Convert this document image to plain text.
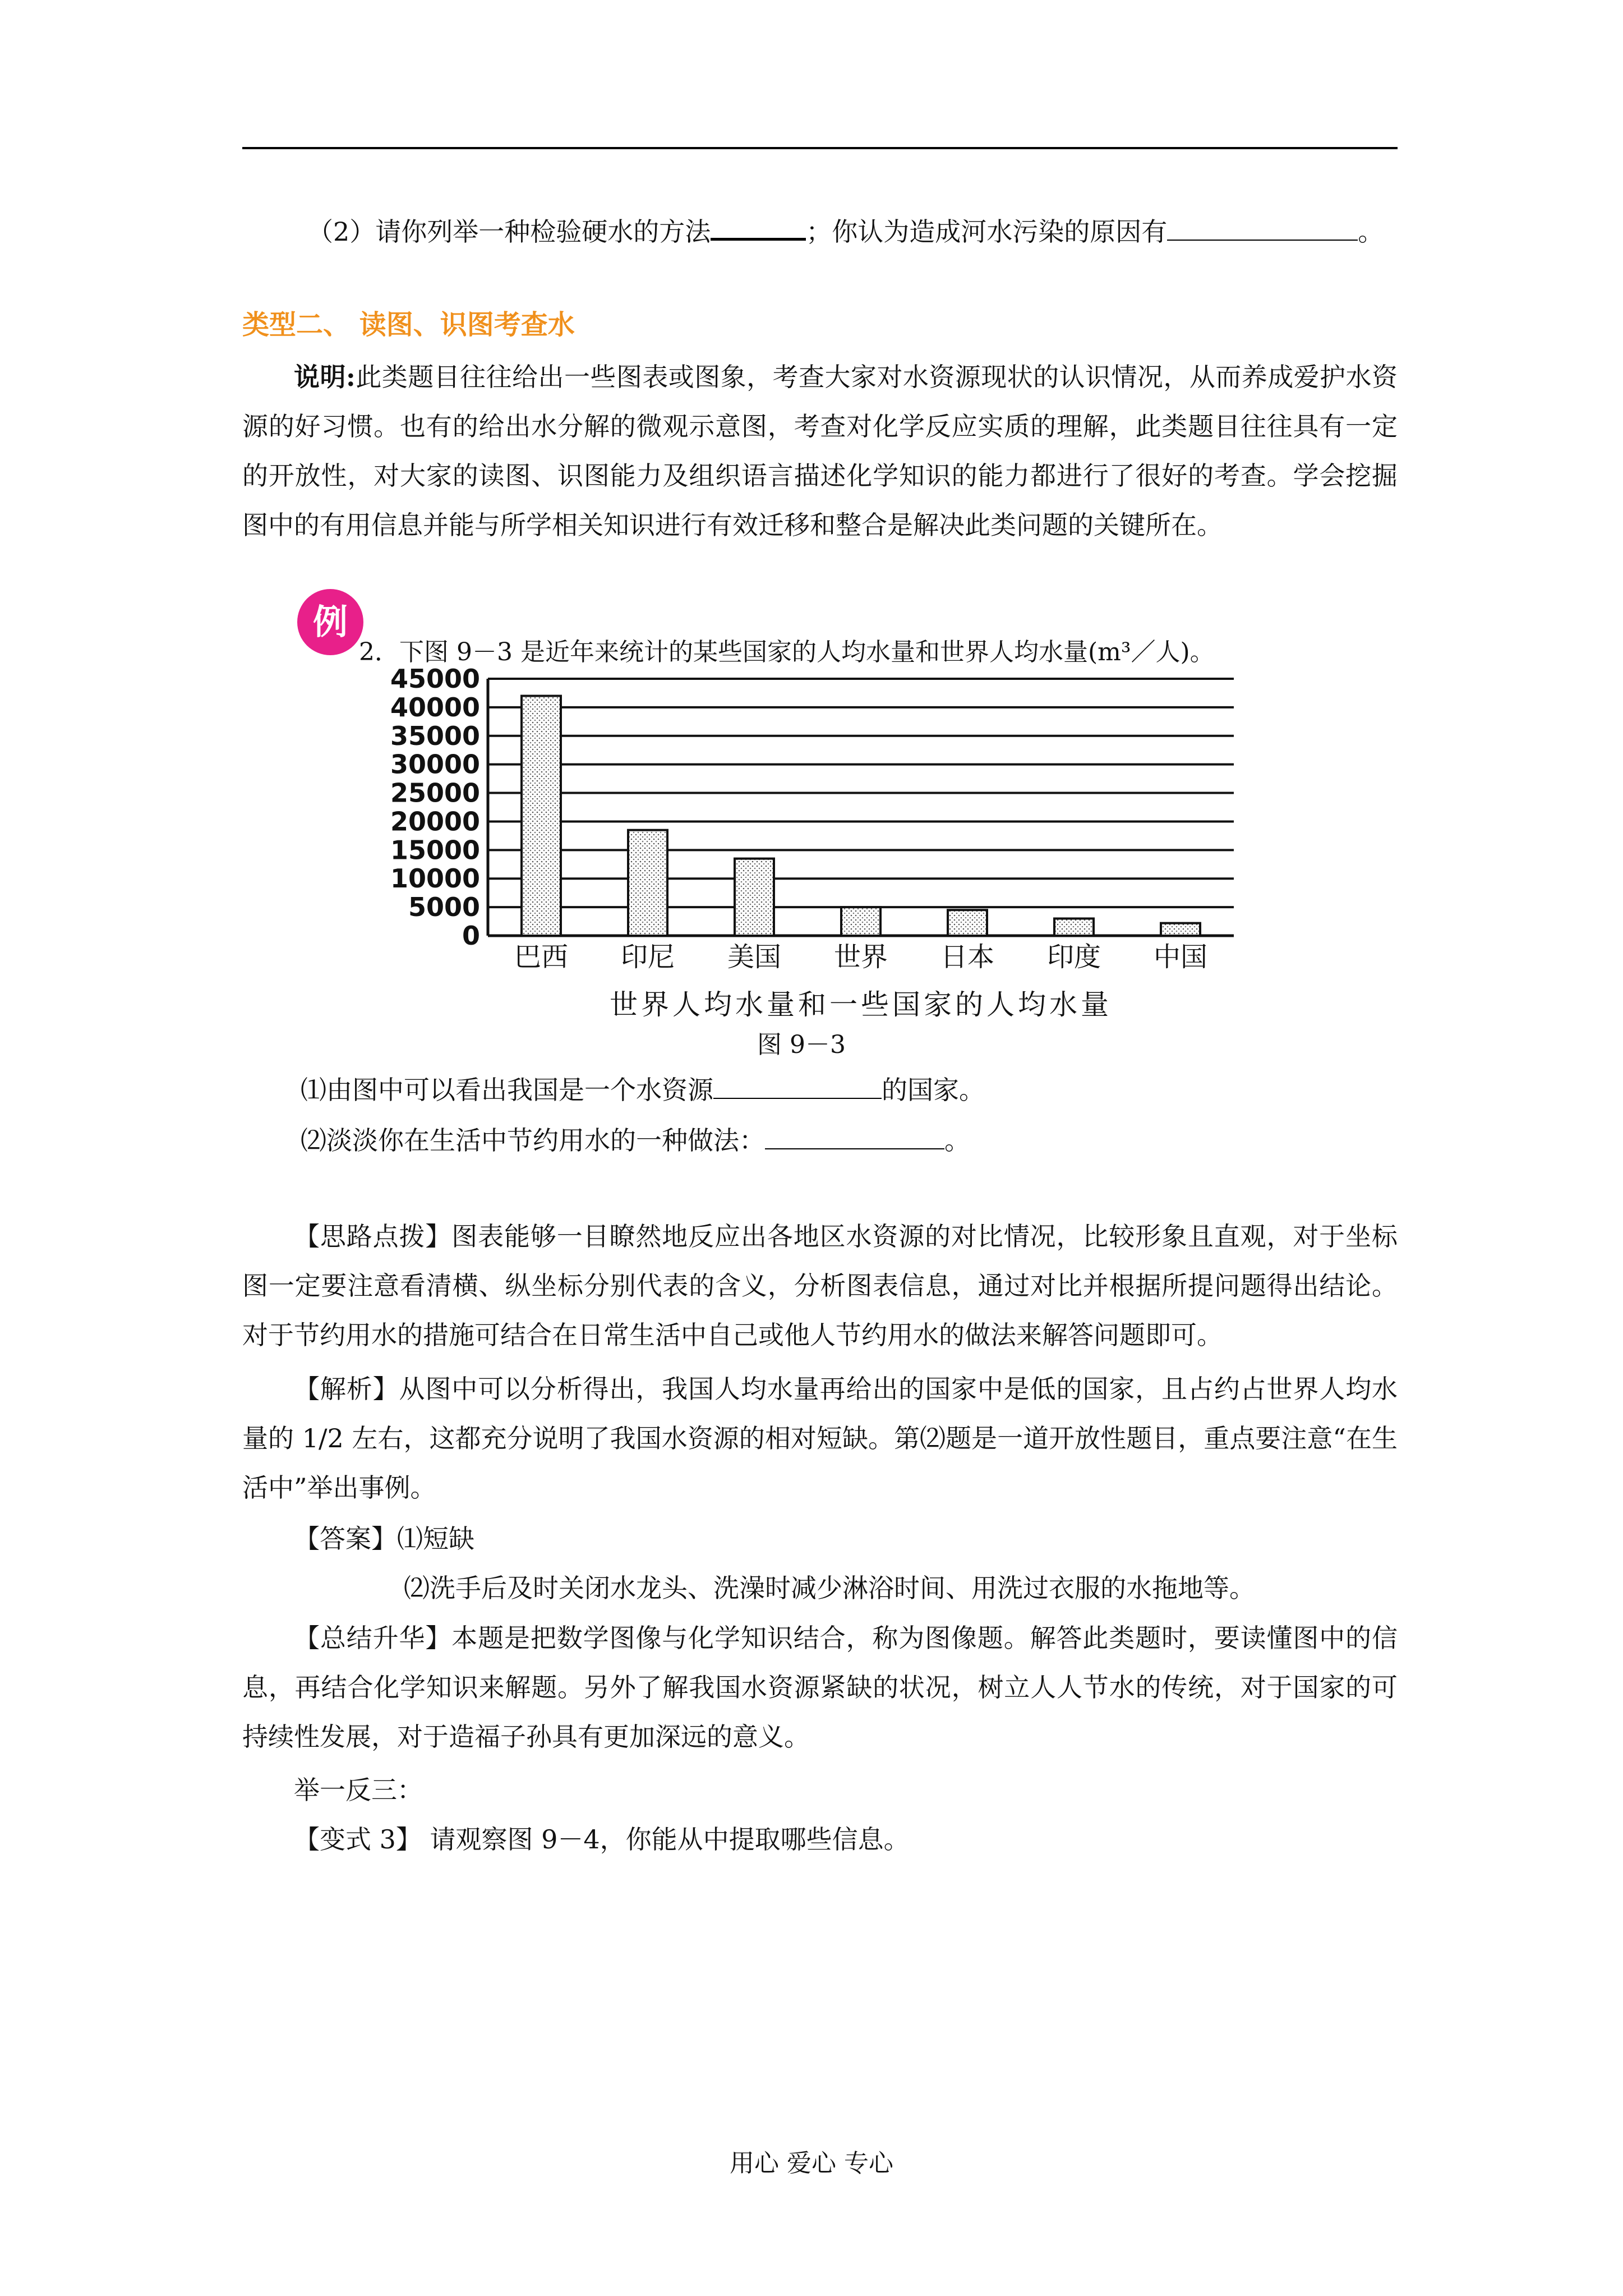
（2）请你列举一种检验硬水的方法	；你认为造成河水污染的原因有	。
类型二、 读图、识图考查水
说明:此类题目往往给出一些图表或图象，考查大家对水资源现状的认识情况，从而养成爱护水资源的好习惯。也有的给出水分解的微观示意图，考查对化学反应实质的理解，此类题目往往具有一定的开放性，对大家的读图、识图能力及组织语言描述化学知识的能力都进行了很好的考查。学会挖掘图中的有用信息并能与所学相关知识进行有效迁移和整合是解决此类问题的关键所在。
例
2．下图 9－3 是近年来统计的某些国家的人均水量和世界人均水量(m³／人)。
0
5000
10000
15000
20000
25000
30000
35000
40000
45000
巴西 印尼 美国 世界 日本 印度 中国
世界人均水量和一些国家的人均水量
图 9－3
⑴由图中可以看出我国是一个水资源	的国家。
⑵淡淡你在生活中节约用水的一种做法：	。
【思路点拨】图表能够一目瞭然地反应出各地区水资源的对比情况，比较形象且直观，对于坐标图一定要注意看清横、纵坐标分别代表的含义，分析图表信息，通过对比并根据所提问题得出结论。对于节约用水的措施可结合在日常生活中自己或他人节约用水的做法来解答问题即可。
【解析】从图中可以分析得出，我国人均水量再给出的国家中是低的国家，且占约占世界人均水量的 1/2 左右，这都充分说明了我国水资源的相对短缺。第⑵题是一道开放性题目，重点要注意“在生活中”举出事例。
【答案】⑴短缺
⑵洗手后及时关闭水龙头、洗澡时减少淋浴时间、用洗过衣服的水拖地等。
【总结升华】本题是把数学图像与化学知识结合，称为图像题。解答此类题时，要读懂图中的信息，再结合化学知识来解题。另外了解我国水资源紧缺的状况，树立人人节水的传统，对于国家的可持续性发展，对于造福子孙具有更加深远的意义。
举一反三：
【变式 3】 请观察图 9－4，你能从中提取哪些信息。
用心 爱心 专心
